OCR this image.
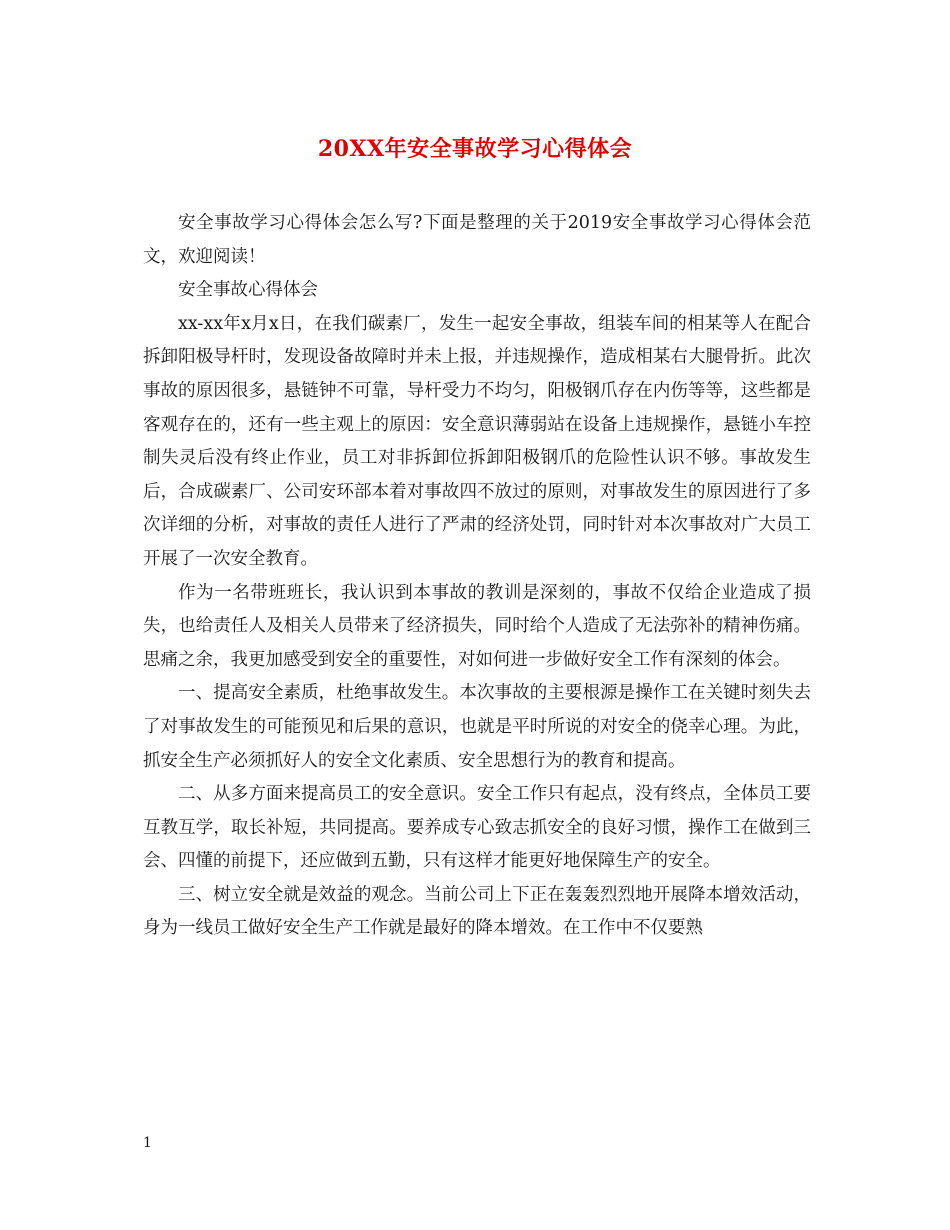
20XX年安全事故学习心得体会

安全事故学习心得体会怎么写?下面是整理的关于2019安全事故学习心得体会范文，欢迎阅读！

安全事故心得体会

xx-xx年x月x日，在我们碳素厂，发生一起安全事故，组装车间的相某等人在配合拆卸阳极导杆时，发现设备故障时并未上报，并违规操作，造成相某右大腿骨折。此次事故的原因很多，悬链钟不可靠，导杆受力不均匀，阳极钢爪存在内伤等等，这些都是客观存在的，还有一些主观上的原因：安全意识薄弱站在设备上违规操作，悬链小车控制失灵后没有终止作业，员工对非拆卸位拆卸阳极钢爪的危险性认识不够。事故发生后，合成碳素厂、公司安环部本着对事故四不放过的原则，对事故发生的原因进行了多次详细的分析，对事故的责任人进行了严肃的经济处罚，同时针对本次事故对广大员工开展了一次安全教育。

作为一名带班班长，我认识到本事故的教训是深刻的，事故不仅给企业造成了损失，也给责任人及相关人员带来了经济损失，同时给个人造成了无法弥补的精神伤痛。思痛之余，我更加感受到安全的重要性，对如何进一步做好安全工作有深刻的体会。

一、提高安全素质，杜绝事故发生。本次事故的主要根源是操作工在关键时刻失去了对事故发生的可能预见和后果的意识，也就是平时所说的对安全的侥幸心理。为此，抓安全生产必须抓好人的安全文化素质、安全思想行为的教育和提高。

二、从多方面来提高员工的安全意识。安全工作只有起点，没有终点，全体员工要互教互学，取长补短，共同提高。要养成专心致志抓安全的良好习惯，操作工在做到三会、四懂的前提下，还应做到五勤，只有这样才能更好地保障生产的安全。

三、树立安全就是效益的观念。当前公司上下正在轰轰烈烈地开展降本增效活动，身为一线员工做好安全生产工作就是最好的降本增效。在工作中不仅要熟

1
